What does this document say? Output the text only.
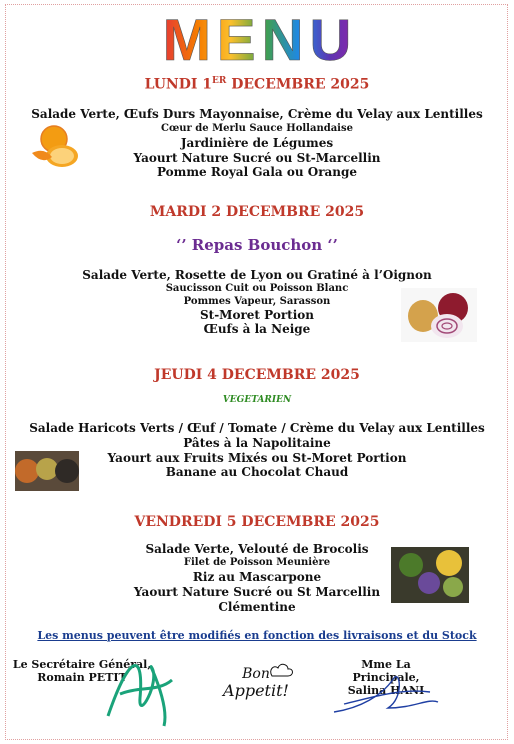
MENU
LUNDI 1ER DECEMBRE 2025
Salade Verte, Œufs Durs Mayonnaise, Crème du Velay aux Lentilles
Cœur de Merlu Sauce Hollandaise
Jardinière de Légumes
Yaourt Nature Sucré ou St-Marcellin
Pomme Royal Gala ou Orange
MARDI 2 DECEMBRE 2025
‘’ Repas Bouchon ‘’
Salade Verte, Rosette de Lyon ou Gratiné à l’Oignon
Saucisson Cuit ou Poisson Blanc
Pommes Vapeur, Sarasson
St-Moret Portion
Œufs à la Neige
JEUDI 4 DECEMBRE 2025
VEGETARIEN
Salade Haricots Verts / Œuf / Tomate / Crème du Velay aux Lentilles
Pâtes à la Napolitaine
Yaourt aux Fruits Mixés ou St-Moret Portion
Banane au Chocolat Chaud
VENDREDI 5 DECEMBRE 2025
Salade Verte, Velouté de Brocolis
Filet de Poisson Meunière
Riz au Mascarpone
Yaourt Nature Sucré ou St Marcellin
Clémentine
Les menus peuvent être modifiés en fonction des livraisons et du Stock
Le Secrétaire Général,
Romain PETIT
Mme La Principale,
Salina HANI
Bon
Appetit!
